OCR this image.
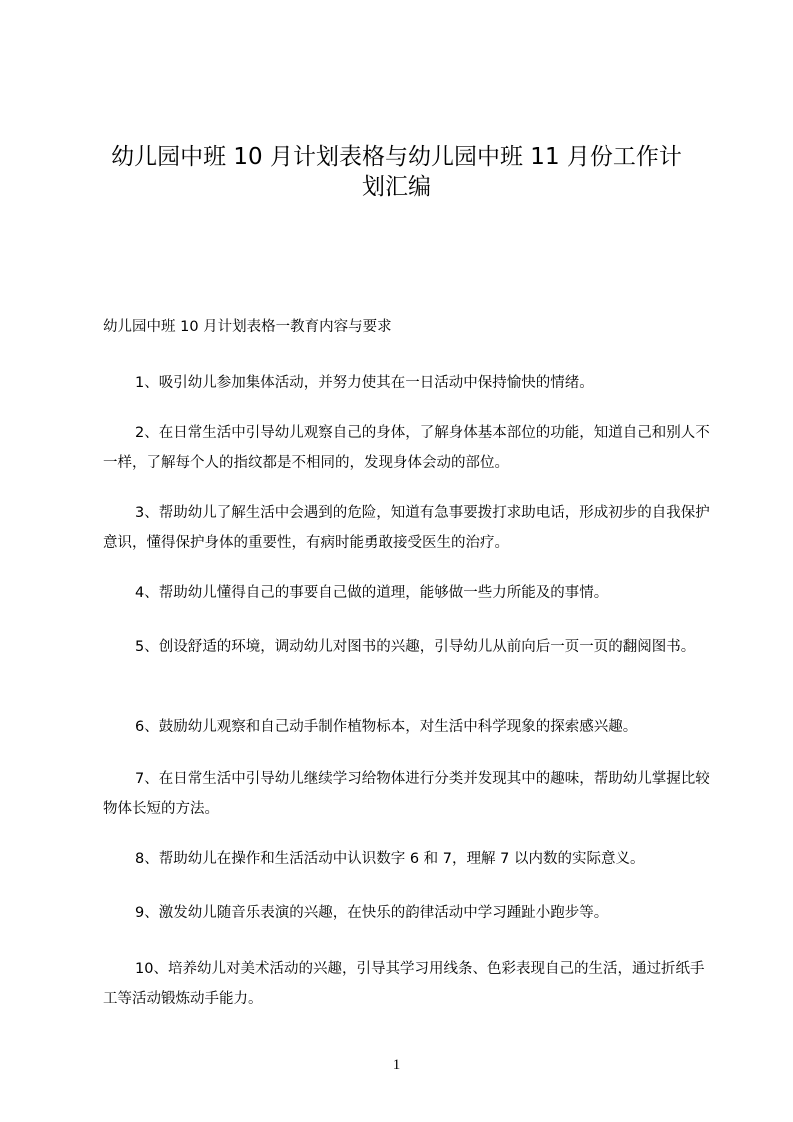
幼儿园中班 10 月计划表格与幼儿园中班 11 月份工作计划汇编

幼儿园中班 10 月计划表格一教育内容与要求

1、吸引幼儿参加集体活动，并努力使其在一日活动中保持愉快的情绪。

2、在日常生活中引导幼儿观察自己的身体，了解身体基本部位的功能，知道自己和别人不一样，了解每个人的指纹都是不相同的，发现身体会动的部位。

3、帮助幼儿了解生活中会遇到的危险，知道有急事要拨打求助电话，形成初步的自我保护意识，懂得保护身体的重要性，有病时能勇敢接受医生的治疗。

4、帮助幼儿懂得自己的事要自己做的道理，能够做一些力所能及的事情。

5、创设舒适的环境，调动幼儿对图书的兴趣，引导幼儿从前向后一页一页的翻阅图书。

6、鼓励幼儿观察和自己动手制作植物标本，对生活中科学现象的探索感兴趣。

7、在日常生活中引导幼儿继续学习给物体进行分类并发现其中的趣味，帮助幼儿掌握比较物体长短的方法。

8、帮助幼儿在操作和生活活动中认识数字 6 和 7，理解 7 以内数的实际意义。

9、激发幼儿随音乐表演的兴趣，在快乐的韵律活动中学习踵趾小跑步等。

10、培养幼儿对美术活动的兴趣，引导其学习用线条、色彩表现自己的生活，通过折纸手工等活动锻炼动手能力。

1
